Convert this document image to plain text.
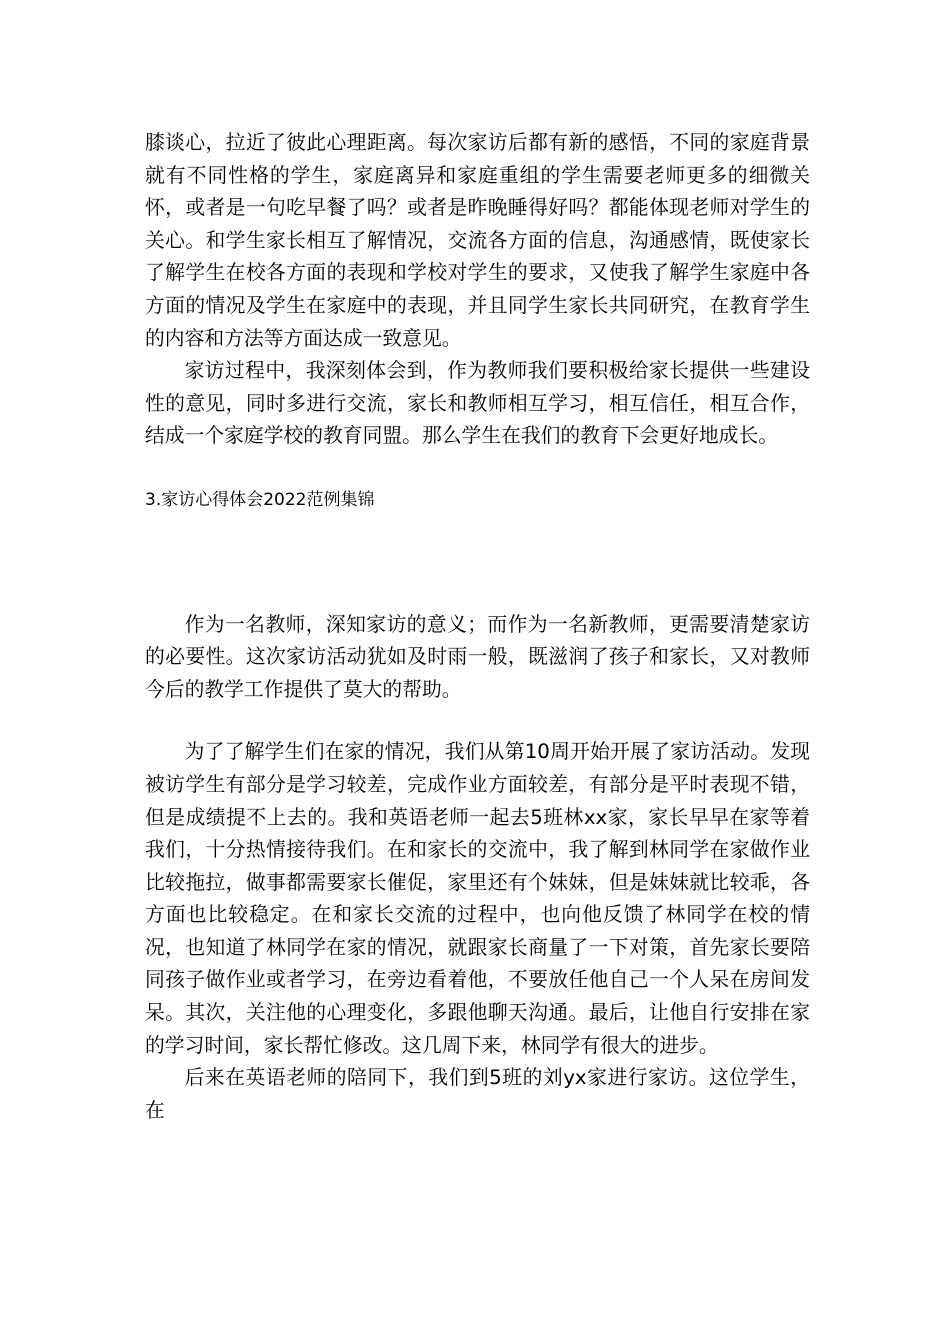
膝谈心，拉近了彼此心理距离。每次家访后都有新的感悟，不同的家庭背景就有不同性格的学生，家庭离异和家庭重组的学生需要老师更多的细微关怀，或者是一句吃早餐了吗？或者是昨晚睡得好吗？都能体现老师对学生的关心。和学生家长相互了解情况，交流各方面的信息，沟通感情，既使家长了解学生在校各方面的表现和学校对学生的要求，又使我了解学生家庭中各方面的情况及学生在家庭中的表现，并且同学生家长共同研究，在教育学生的内容和方法等方面达成一致意见。

家访过程中，我深刻体会到，作为教师我们要积极给家长提供一些建设性的意见，同时多进行交流，家长和教师相互学习，相互信任，相互合作，结成一个家庭学校的教育同盟。那么学生在我们的教育下会更好地成长。

3.家访心得体会2022范例集锦

作为一名教师，深知家访的意义；而作为一名新教师，更需要清楚家访的必要性。这次家访活动犹如及时雨一般，既滋润了孩子和家长，又对教师今后的教学工作提供了莫大的帮助。

为了了解学生们在家的情况，我们从第10周开始开展了家访活动。发现被访学生有部分是学习较差，完成作业方面较差，有部分是平时表现不错，但是成绩提不上去的。我和英语老师一起去5班林xx家，家长早早在家等着我们，十分热情接待我们。在和家长的交流中，我了解到林同学在家做作业比较拖拉，做事都需要家长催促，家里还有个妹妹，但是妹妹就比较乖，各方面也比较稳定。在和家长交流的过程中，也向他反馈了林同学在校的情况，也知道了林同学在家的情况，就跟家长商量了一下对策，首先家长要陪同孩子做作业或者学习，在旁边看着他，不要放任他自己一个人呆在房间发呆。其次，关注他的心理变化，多跟他聊天沟通。最后，让他自行安排在家的学习时间，家长帮忙修改。这几周下来，林同学有很大的进步。

后来在英语老师的陪同下，我们到5班的刘yx家进行家访。这位学生，在
